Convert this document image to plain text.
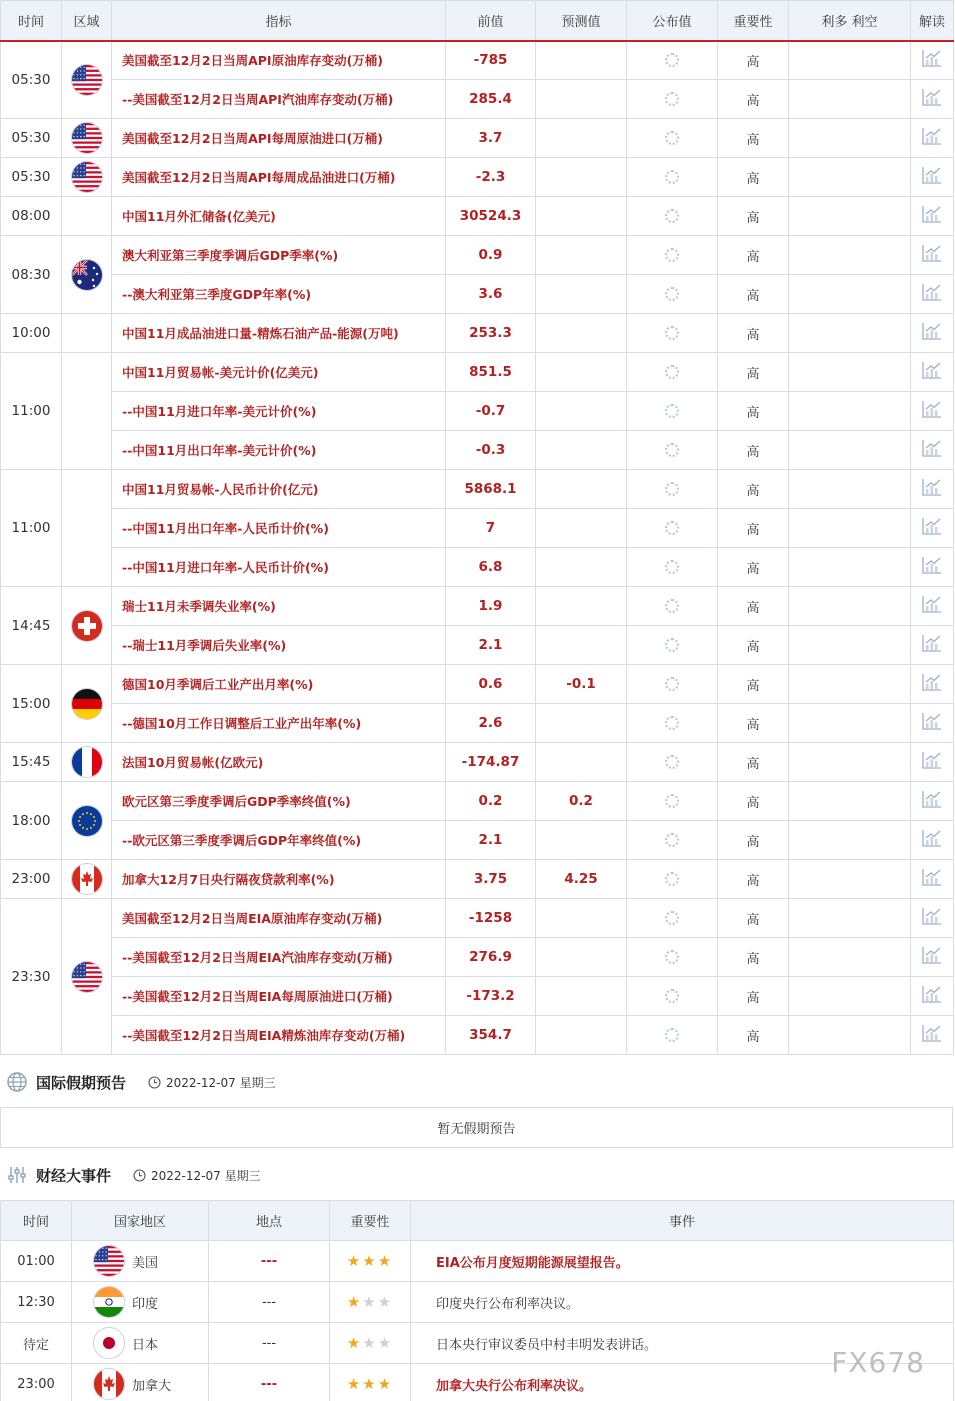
时间	区域	指标	前值	预测值	公布值	重要性	利多 利空	解读
05:30		美国截至12月2日当周API原油库存变动(万桶)	-785			高		
		--美国截至12月2日当周API汽油库存变动(万桶)	285.4			高		
05:30		美国截至12月2日当周API每周原油进口(万桶)	3.7			高		
05:30		美国截至12月2日当周API每周成品油进口(万桶)	-2.3			高		
08:00		中国11月外汇储备(亿美元)	30524.3			高		
08:30		澳大利亚第三季度季调后GDP季率(%)	0.9			高		
		--澳大利亚第三季度GDP年率(%)	3.6			高		
10:00		中国11月成品油进口量-精炼石油产品-能源(万吨)	253.3			高		
11:00		中国11月贸易帐-美元计价(亿美元)	851.5			高		
		--中国11月进口年率-美元计价(%)	-0.7			高		
		--中国11月出口年率-美元计价(%)	-0.3			高		
11:00		中国11月贸易帐-人民币计价(亿元)	5868.1			高		
		--中国11月出口年率-人民币计价(%)	7			高		
		--中国11月进口年率-人民币计价(%)	6.8			高		
14:45		瑞士11月未季调失业率(%)	1.9			高		
		--瑞士11月季调后失业率(%)	2.1			高		
15:00		德国10月季调后工业产出月率(%)	0.6	-0.1		高		
		--德国10月工作日调整后工业产出年率(%)	2.6			高		
15:45		法国10月贸易帐(亿欧元)	-174.87			高		
18:00		欧元区第三季度季调后GDP季率终值(%)	0.2	0.2		高		
		--欧元区第三季度季调后GDP年率终值(%)	2.1			高		
23:00		加拿大12月7日央行隔夜贷款利率(%)	3.75	4.25		高		
23:30		美国截至12月2日当周EIA原油库存变动(万桶)	-1258			高		
		--美国截至12月2日当周EIA汽油库存变动(万桶)	276.9			高		
		--美国截至12月2日当周EIA每周原油进口(万桶)	-173.2			高		
		--美国截至12月2日当周EIA精炼油库存变动(万桶)	354.7			高		
国际假期预告	2022-12-07 星期三
暂无假期预告
财经大事件	2022-12-07 星期三
时间	国家地区	地点	重要性	事件
01:00	美国	---	★★★	EIA公布月度短期能源展望报告。
12:30	印度	---	★★★	印度央行公布利率决议。
待定	日本	---	★★★	日本央行审议委员中村丰明发表讲话。
23:00	加拿大	---	★★★	加拿大央行公布利率决议。
FX678
